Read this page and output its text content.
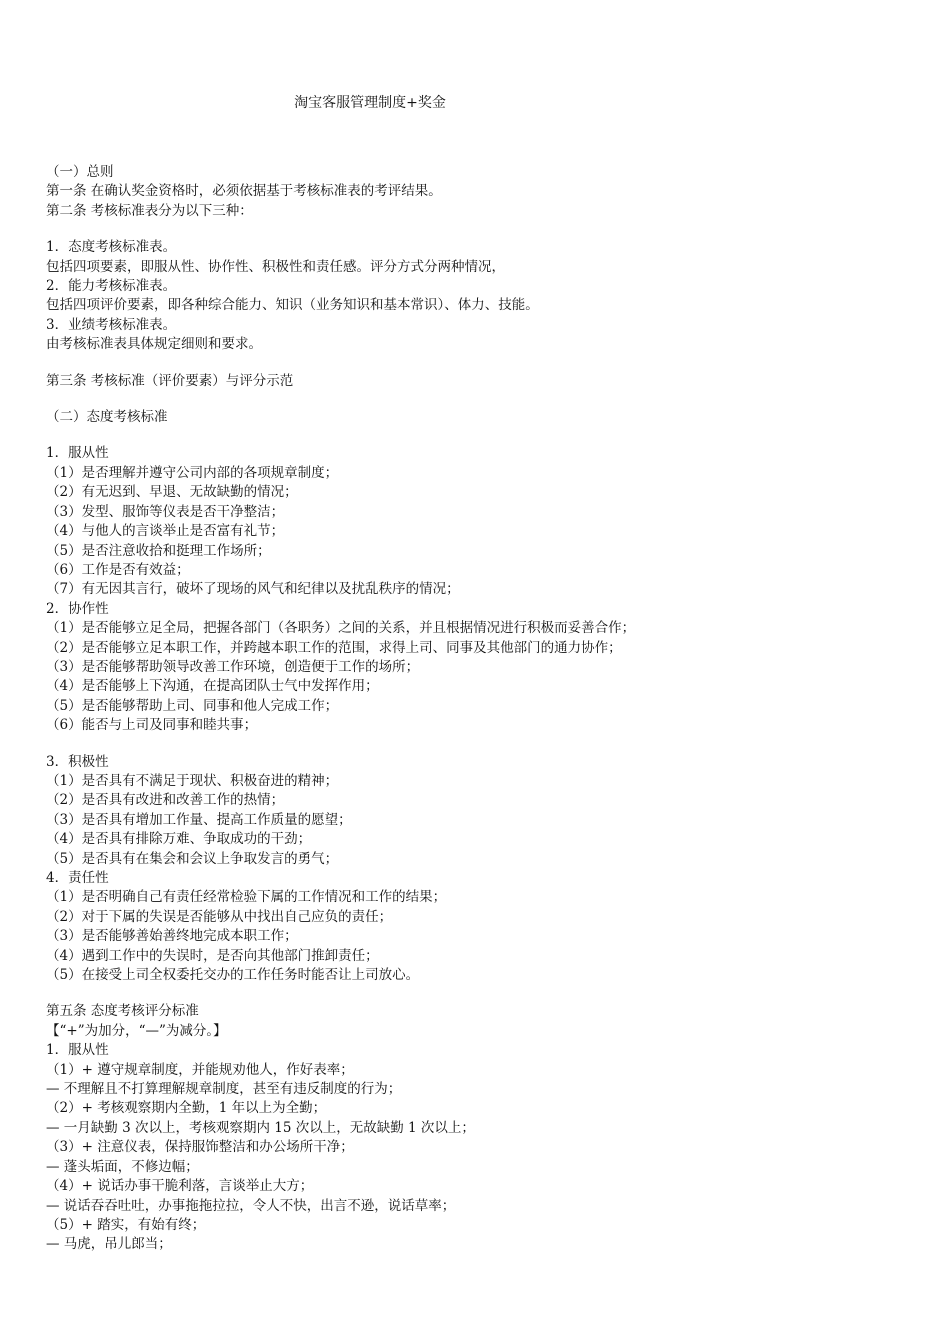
淘宝客服管理制度+奖金
（一）总则
第一条 在确认奖金资格时，必须依据基于考核标准表的考评结果。
第二条 考核标准表分为以下三种：
1．态度考核标准表。
包括四项要素，即服从性、协作性、积极性和责任感。评分方式分两种情况，
2．能力考核标准表。
包括四项评价要素，即各种综合能力、知识（业务知识和基本常识）、体力、技能。
3．业绩考核标准表。
由考核标准表具体规定细则和要求。
第三条 考核标准（评价要素）与评分示范
（二）态度考核标准
1．服从性
（1）是否理解并遵守公司内部的各项规章制度；
（2）有无迟到、早退、无故缺勤的情况；
（3）发型、服饰等仪表是否干净整洁；
（4）与他人的言谈举止是否富有礼节；
（5）是否注意收拾和挺理工作场所；
（6）工作是否有效益；
（7）有无因其言行，破坏了现场的风气和纪律以及扰乱秩序的情况；
2．协作性
（1）是否能够立足全局，把握各部门（各职务）之间的关系，并且根据情况进行积极而妥善合作；
（2）是否能够立足本职工作，并跨越本职工作的范围，求得上司、同事及其他部门的通力协作；
（3）是否能够帮助领导改善工作环境，创造便于工作的场所；
（4）是否能够上下沟通，在提高团队士气中发挥作用；
（5）是否能够帮助上司、同事和他人完成工作；
（6）能否与上司及同事和睦共事；
3．积极性
（1）是否具有不满足于现状、积极奋进的精神；
（2）是否具有改进和改善工作的热情；
（3）是否具有增加工作量、提高工作质量的愿望；
（4）是否具有排除万难、争取成功的干劲；
（5）是否具有在集会和会议上争取发言的勇气；
4．责任性
（1）是否明确自己有责任经常检验下属的工作情况和工作的结果；
（2）对于下属的失误是否能够从中找出自己应负的责任；
（3）是否能够善始善终地完成本职工作；
（4）遇到工作中的失误时，是否向其他部门推卸责任；
（5）在接受上司全权委托交办的工作任务时能否让上司放心。
第五条 态度考核评分标准
【“+”为加分，“—”为减分。】
1．服从性
（1）+ 遵守规章制度，并能规劝他人，作好表率；
— 不理解且不打算理解规章制度，甚至有违反制度的行为；
（2）+ 考核观察期内全勤，1 年以上为全勤；
— 一月缺勤 3 次以上，考核观察期内 15 次以上，无故缺勤 1 次以上；
（3）+ 注意仪表，保持服饰整洁和办公场所干净；
— 蓬头垢面，不修边幅；
（4）+ 说话办事干脆利落，言谈举止大方；
— 说话吞吞吐吐，办事拖拖拉拉，令人不快，出言不逊，说话草率；
（5）+ 踏实，有始有终；
— 马虎，吊儿郎当；
